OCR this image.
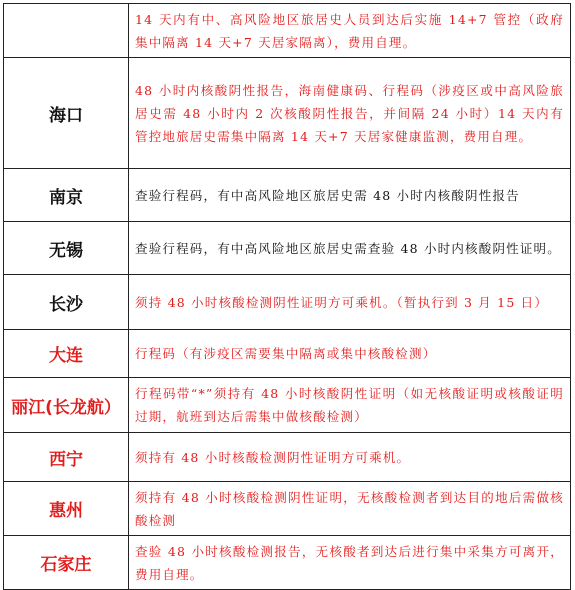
	14 天内有中、高风险地区旅居史人员到达后实施 14+7 管控（政府集中隔离 14 天+7 天居家隔离），费用自理。
海口	48 小时内核酸阴性报告，海南健康码、行程码（涉疫区或中高风险旅居史需 48 小时内 2 次核酸阴性报告，并间隔 24 小时）14 天内有管控地旅居史需集中隔离 14 天+7 天居家健康监测，费用自理。
南京	查验行程码，有中高风险地区旅居史需 48 小时内核酸阴性报告
无锡	查验行程码，有中高风险地区旅居史需查验 48 小时内核酸阴性证明。
长沙	须持 48 小时核酸检测阴性证明方可乘机。（暂执行到 3 月 15 日）
大连	行程码（有涉疫区需要集中隔离或集中核酸检测）
丽江(长龙航）	行程码带“*”须持有 48 小时核酸阴性证明（如无核酸证明或核酸证明过期，航班到达后需集中做核酸检测）
西宁	须持有 48 小时核酸检测阴性证明方可乘机。
惠州	须持有 48 小时核酸检测阴性证明，无核酸检测者到达目的地后需做核酸检测
石家庄	查验 48 小时核酸检测报告，无核酸者到达后进行集中采集方可离开，费用自理。
